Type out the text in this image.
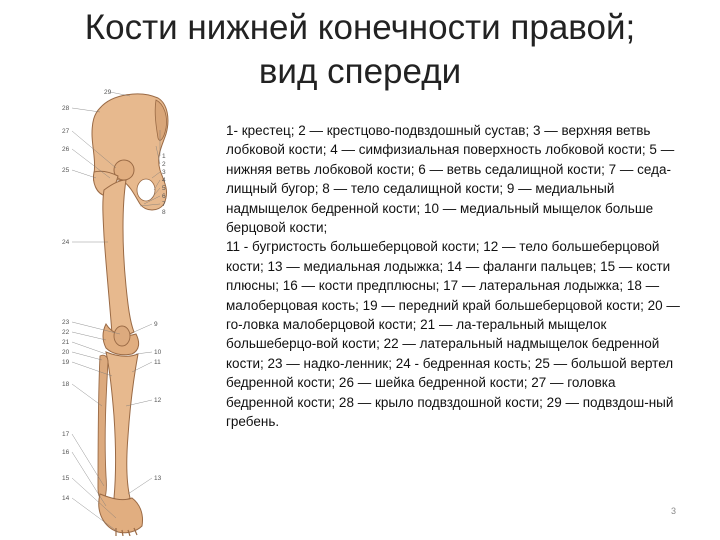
Кости нижней конечности правой;
вид спереди
28
27
26
25
24
23
22
21
20
19
18
17
16
15
14
29
1
2
3
4
5
6
7
8
9
10
11
12
13

1- крестец; 2 — крестцово-подвздошный сустав; 3 — верхняя ветвь лобковой кости; 4 — симфизиальная поверхность лобковой кости; 5 — нижняя ветвь лобковой кости; 6 — ветвь седалищной кости; 7 — седа-лищный бугор; 8 — тело седалищной кости; 9 — медиальный надмыщелок бедренной кости; 10 — медиальный мыщелок больше берцовой кости;

11 - бугристость большеберцовой кости; 12 — тело большеберцовой кости; 13 — медиальная лодыжка; 14 — фаланги пальцев; 15 — кости плюсны; 16 — кости предплюсны; 17 — латеральная лодыжка; 18 — малоберцовая кость; 19 — передний край большеберцовой кости; 20 — го-ловка малоберцовой кости; 21 — ла-теральный мыщелок большеберцо-вой кости; 22 — латеральный надмыщелок бедренной кости; 23 — надко-ленник; 24 - бедренная кость; 25 — большой вертел бедренной кости; 26 — шейка бедренной кости; 27 — головка бедренной кости; 28 — крыло подвздошной кости; 29 — подвздош-ный гребень.

3
